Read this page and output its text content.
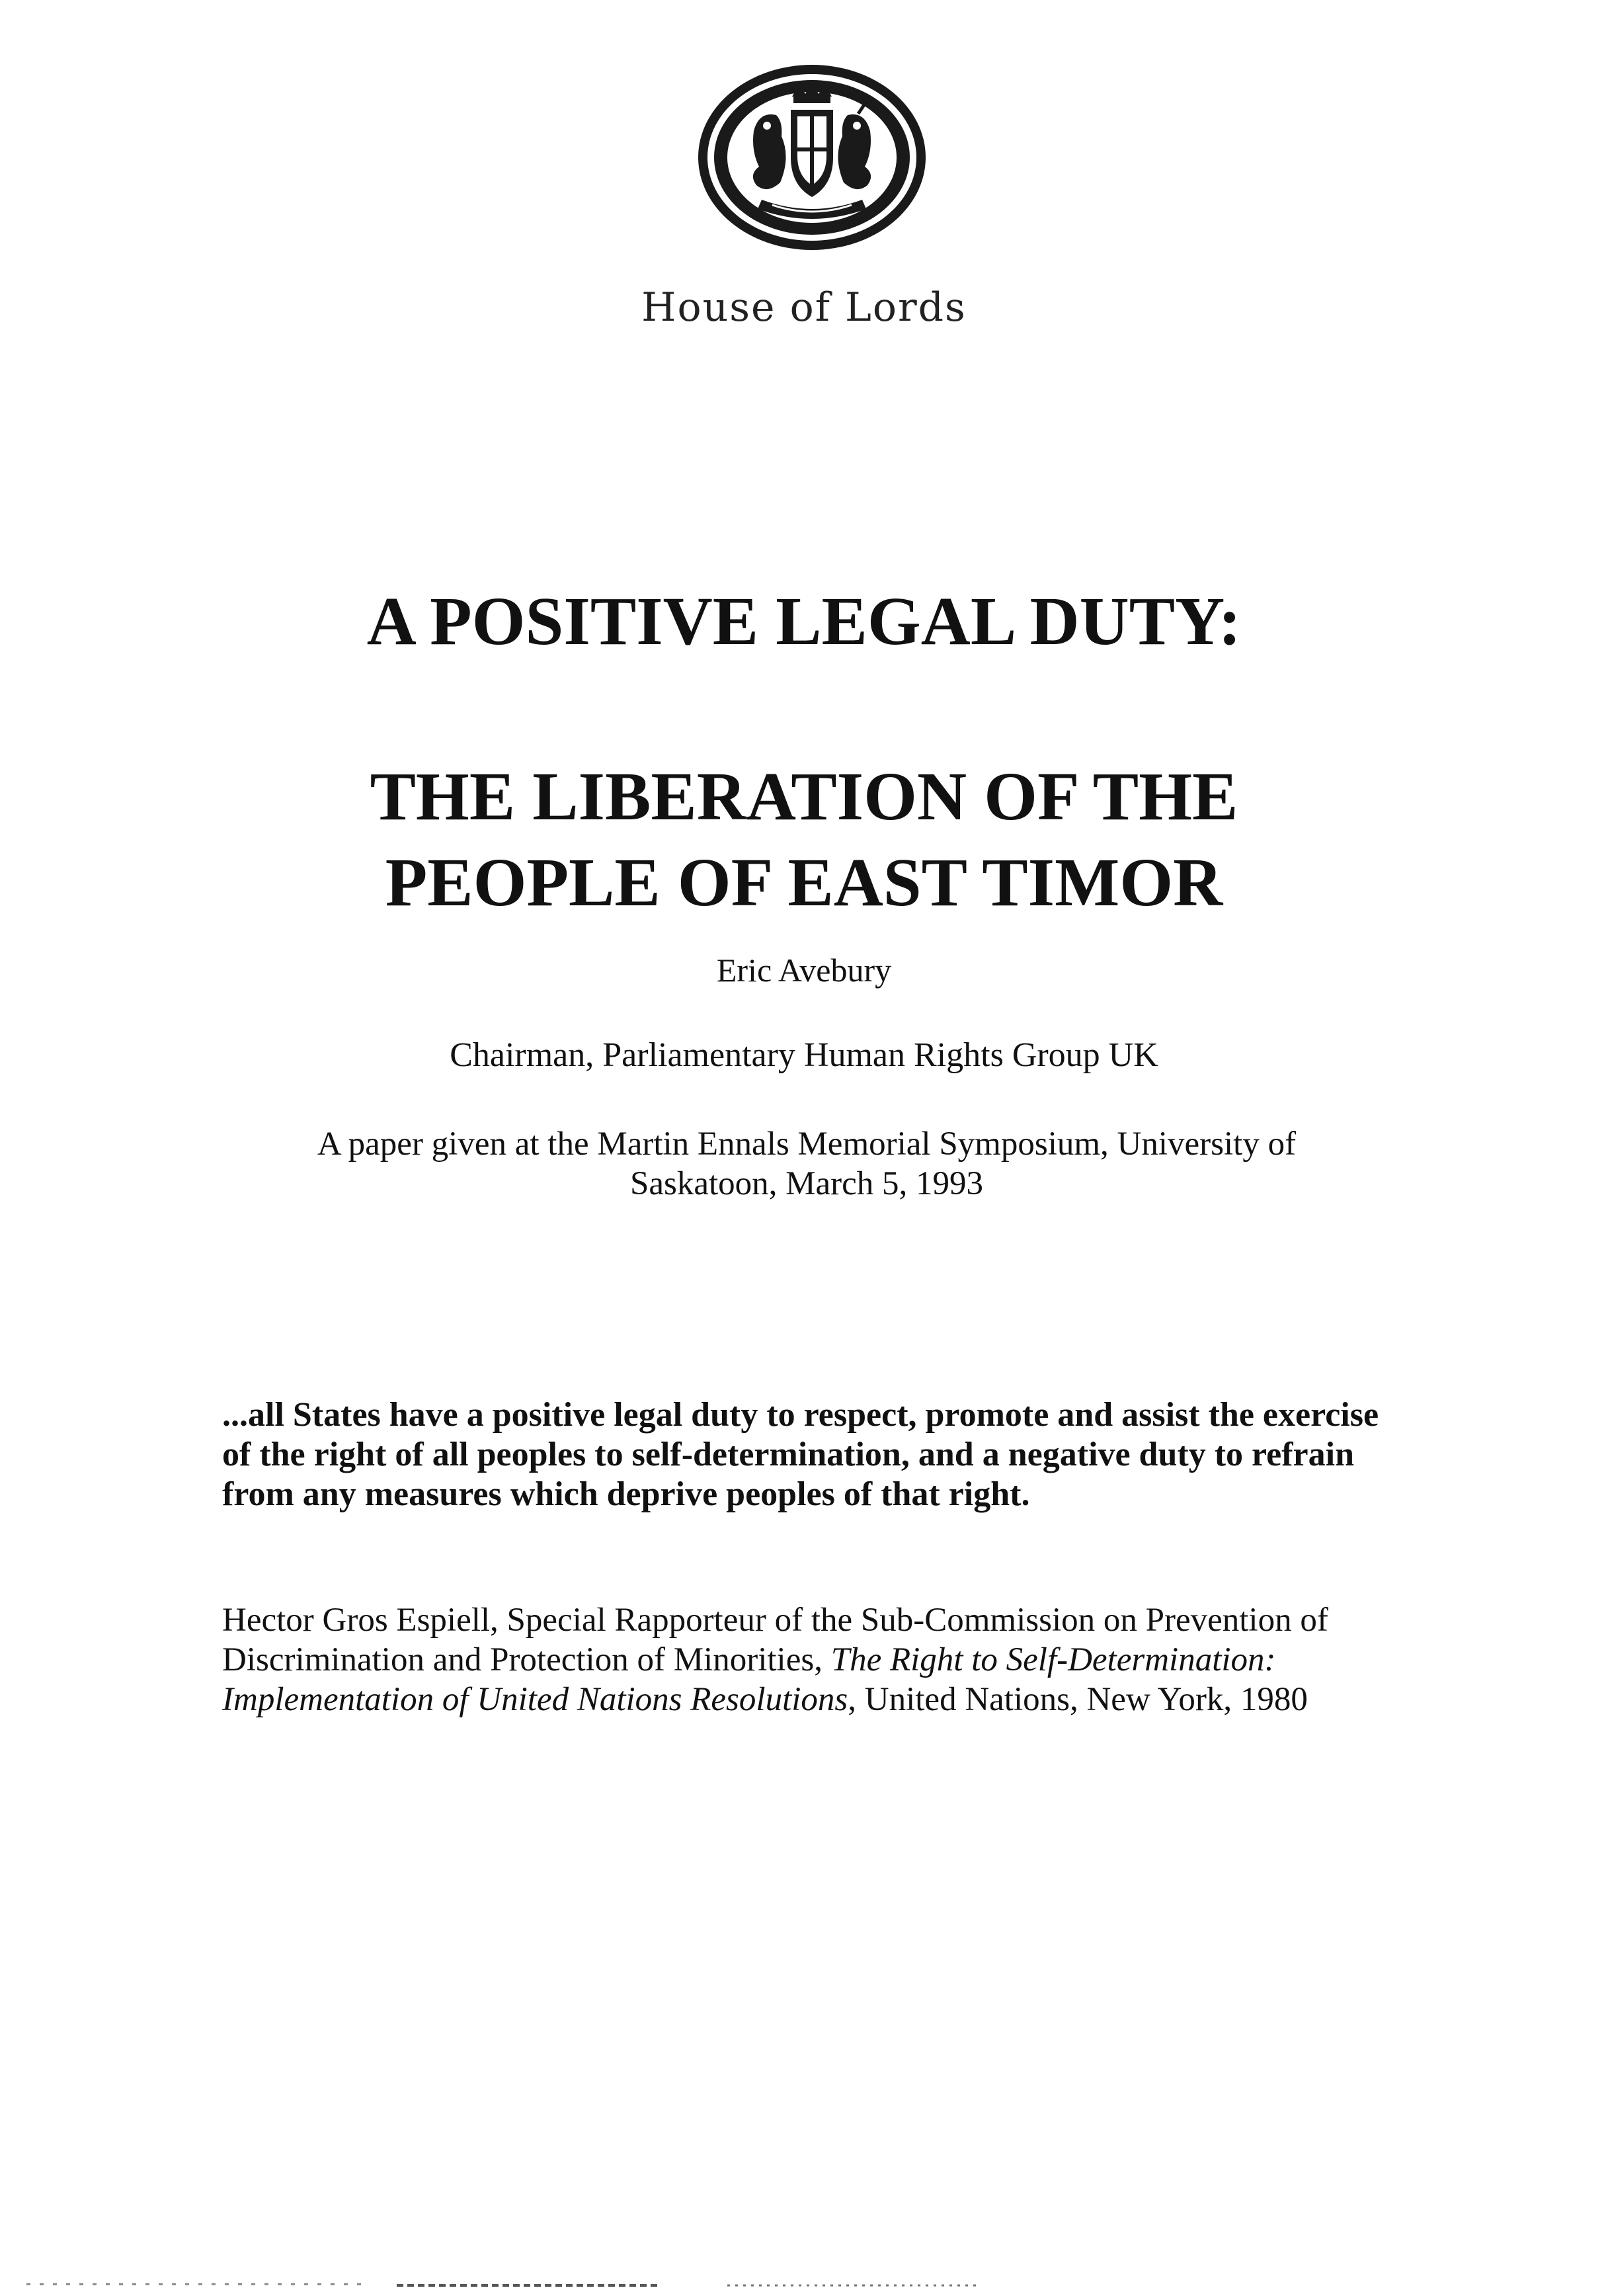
House of Lords
A POSITIVE LEGAL DUTY:
THE LIBERATION OF THE
PEOPLE OF EAST TIMOR
Eric Avebury
Chairman, Parliamentary Human Rights Group UK
A paper given at the Martin Ennals Memorial Symposium, University of
Saskatoon, March 5, 1993
...all States have a positive legal duty to respect, promote and assist the exercise of the right of all peoples to self-determination, and a negative duty to refrain from any measures which deprive peoples of that right.
Hector Gros Espiell, Special Rapporteur of the Sub-Commission on Prevention of Discrimination and Protection of Minorities, The Right to Self-Determination: Implementation of United Nations Resolutions, United Nations, New York, 1980
